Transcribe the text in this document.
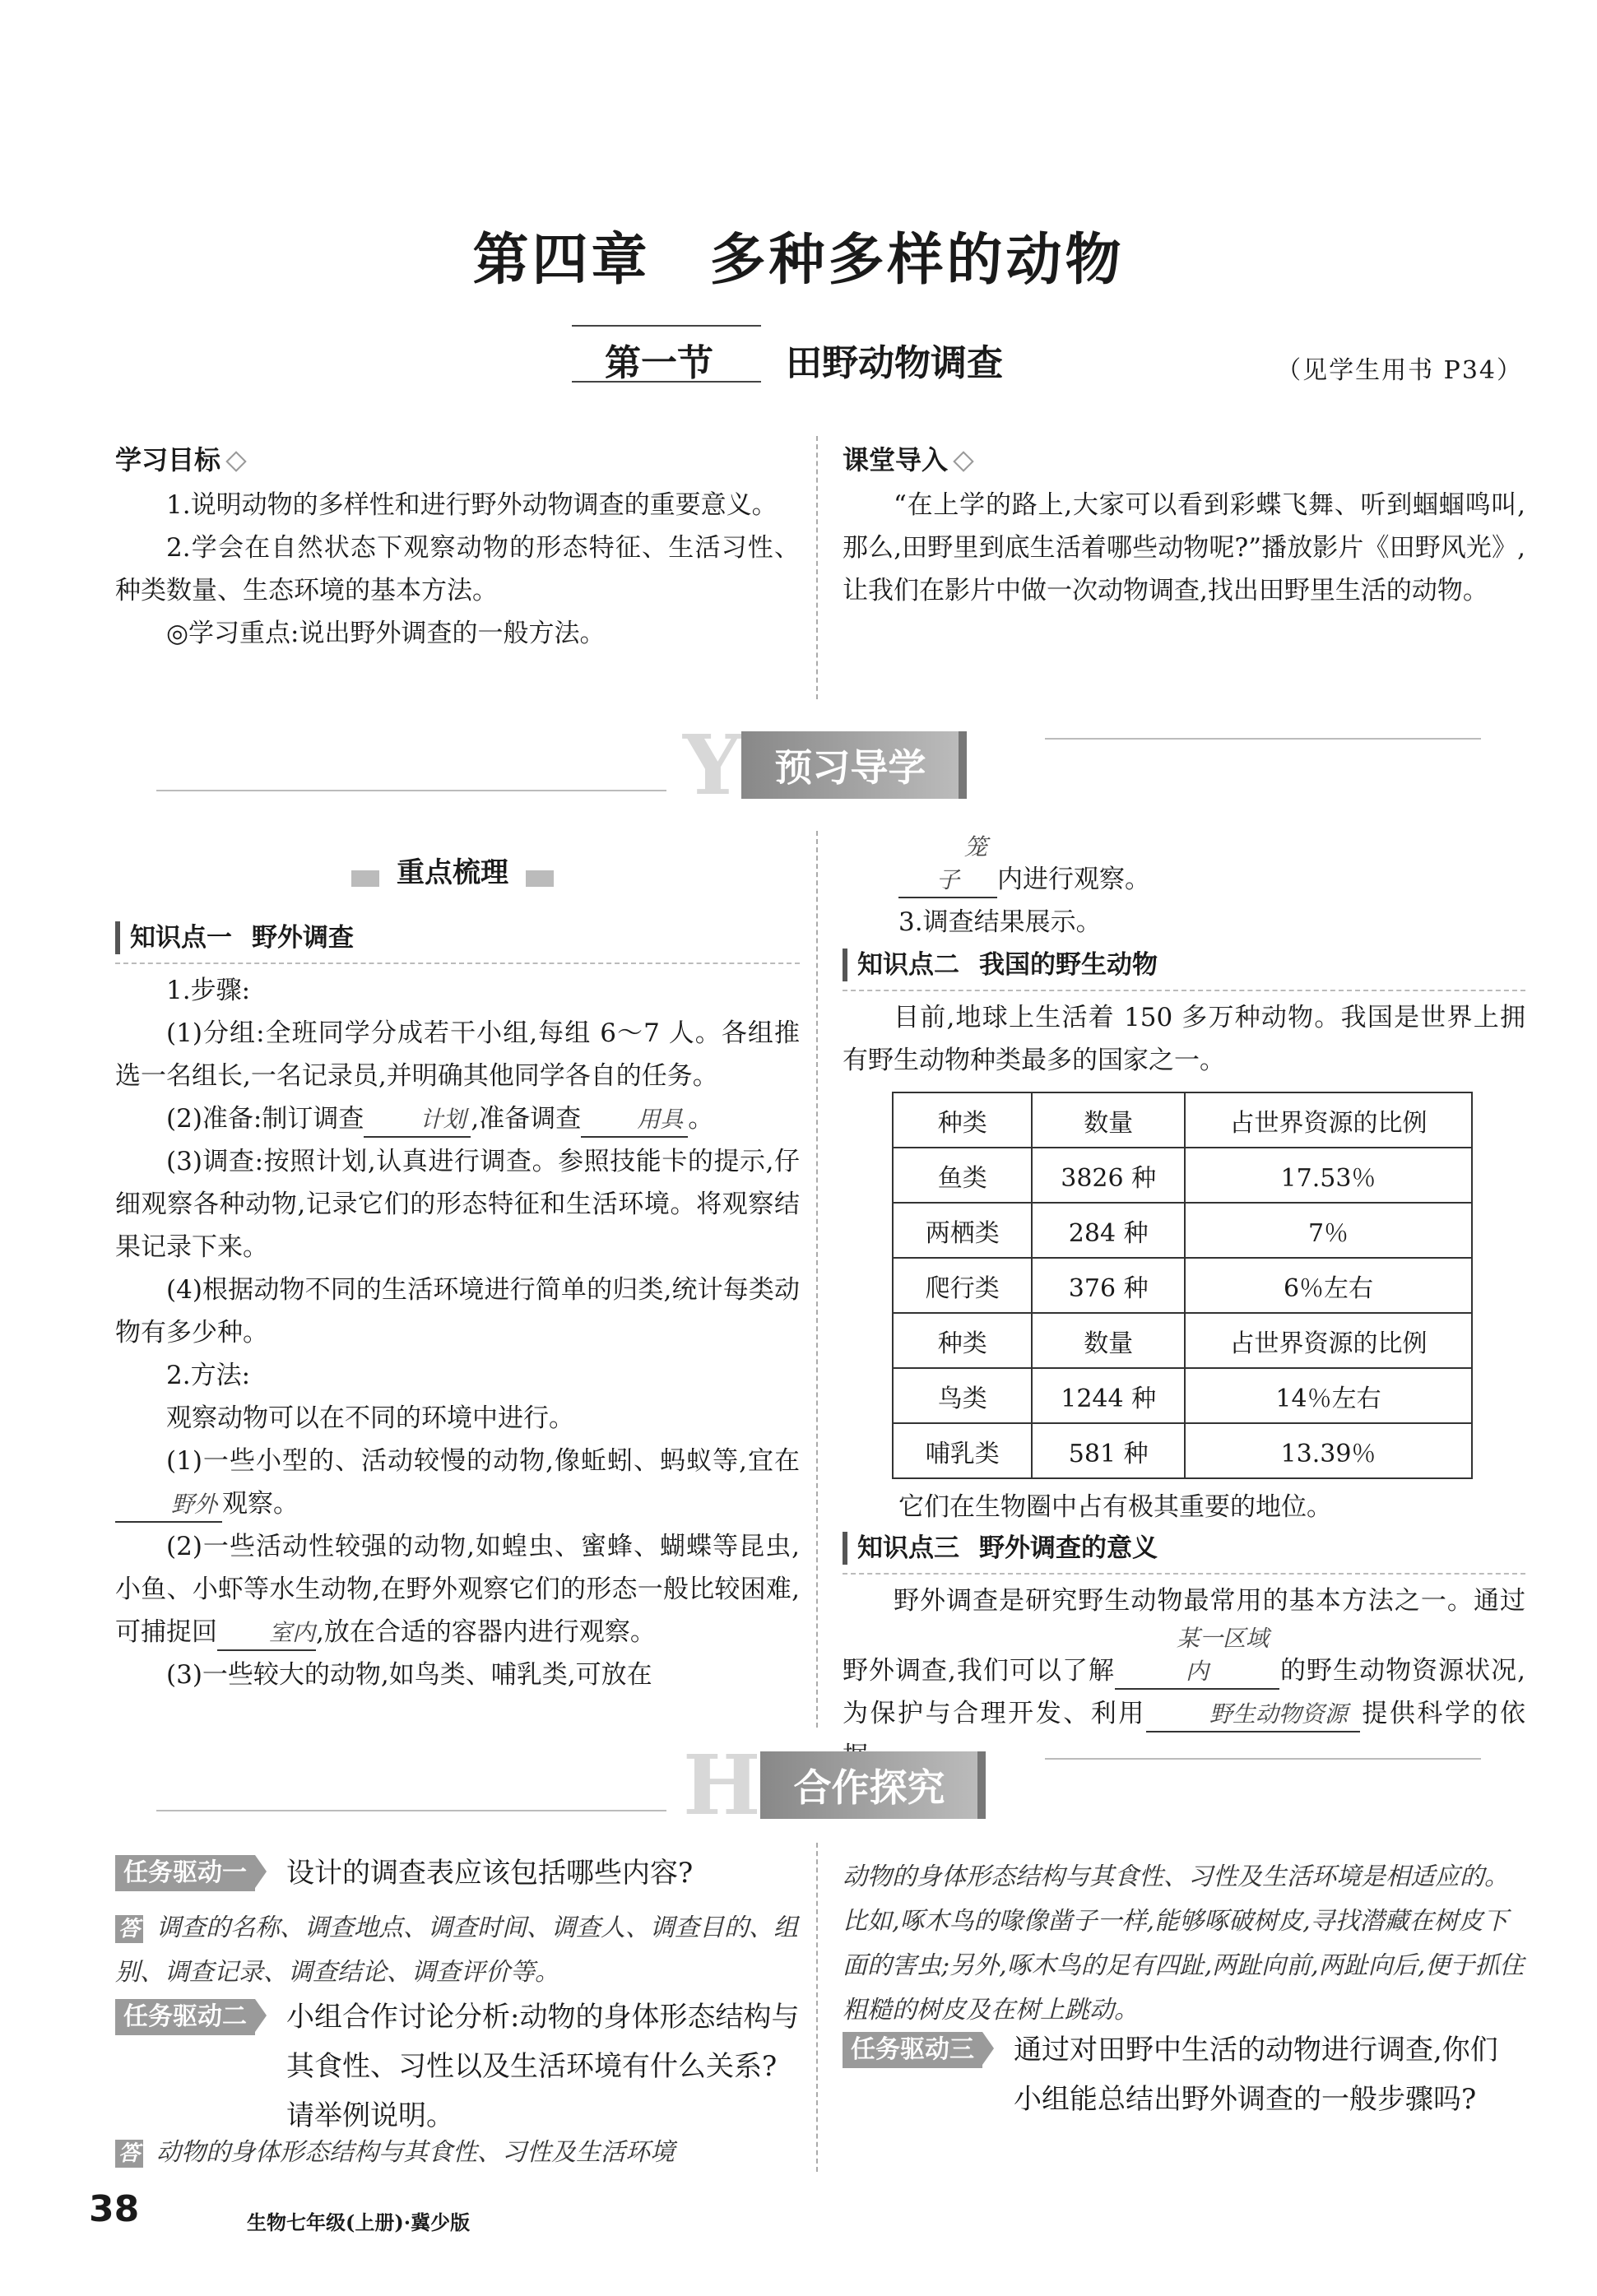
第四章　多种多样的动物
第一节　　田野动物调查	（见学生用书 P34）
学习目标
1.说明动物的多样性和进行野外动物调查的重要意义。
2.学会在自然状态下观察动物的形态特征、生活习性、种类数量、生态环境的基本方法。
◎学习重点:说出野外调查的一般方法。
课堂导入
“在上学的路上,大家可以看到彩蝶飞舞、听到蝈蝈鸣叫,那么,田野里到底生活着哪些动物呢?”播放影片《田野风光》,让我们在影片中做一次动物调查,找出田野里生活的动物。
Y 预习导学
重点梳理
知识点一 野外调查
1.步骤:
(1)分组:全班同学分成若干小组,每组 6～7 人。各组推选一名组长,一名记录员,并明确其他同学各自的任务。
(2)准备:制订调查 计划 ,准备调查 用具 。
(3)调查:按照计划,认真进行调查。参照技能卡的提示,仔细观察各种动物,记录它们的形态特征和生活环境。将观察结果记录下来。
(4)根据动物不同的生活环境进行简单的归类,统计每类动物有多少种。
2.方法:
观察动物可以在不同的环境中进行。
(1)一些小型的、活动较慢的动物,像蚯蚓、蚂蚁等,宜在野外 观察。
(2)一些活动性较强的动物,如蝗虫、蜜蜂、蝴蝶等昆虫,小鱼、小虾等水生动物,在野外观察它们的形态一般比较困难,可捕捉回 室内,放在合适的容器内进行观察。
(3)一些较大的动物,如鸟类、哺乳类,可放在
笼子 内进行观察。
3.调查结果展示。
知识点二 我国的野生动物
目前,地球上生活着 150 多万种动物。我国是世界上拥有野生动物种类最多的国家之一。
种类	数量	占世界资源的比例
鱼类	3826 种	17.53％
两栖类	284 种	7％
爬行类	376 种	6％左右
种类	数量	占世界资源的比例
鸟类	1244 种	14％左右
哺乳类	581 种	13.39％
它们在生物圈中占有极其重要的地位。
知识点三 野外调查的意义
野外调查是研究野生动物最常用的基本方法之一。通过野外调查,我们可以了解某一区域内	的野生动物资源状况,为保护与合理开发、利用	野生动物资源 提供科学的依
H 合作探究
任务驱动一	设计的调查表应该包括哪些内容?
答 调查的名称、调查地点、调查时间、调查人、调查目的、组别、调查记录、调查结论、调查评价等。
任务驱动二	小组合作讨论分析:动物的身体形态结构与其食性、习性以及生活环境有什么关系?请举例说明。
答 动物的身体形态结构与其食性、习性及生活环境
动物的身体形态结构与其食性、习性及生活环境是相适应的。比如,啄木鸟的喙像凿子一样,能够啄破树皮,寻找潜藏在树皮下面的害虫;另外,啄木鸟的足有四趾,两趾向前,两趾向后,便于抓住粗糙的树皮及在树上跳动。
任务驱动三	通过对田野中生活的动物进行调查,你们小组能总结出野外调查的一般步骤吗?
38	生物七年级(上册)·冀少版
